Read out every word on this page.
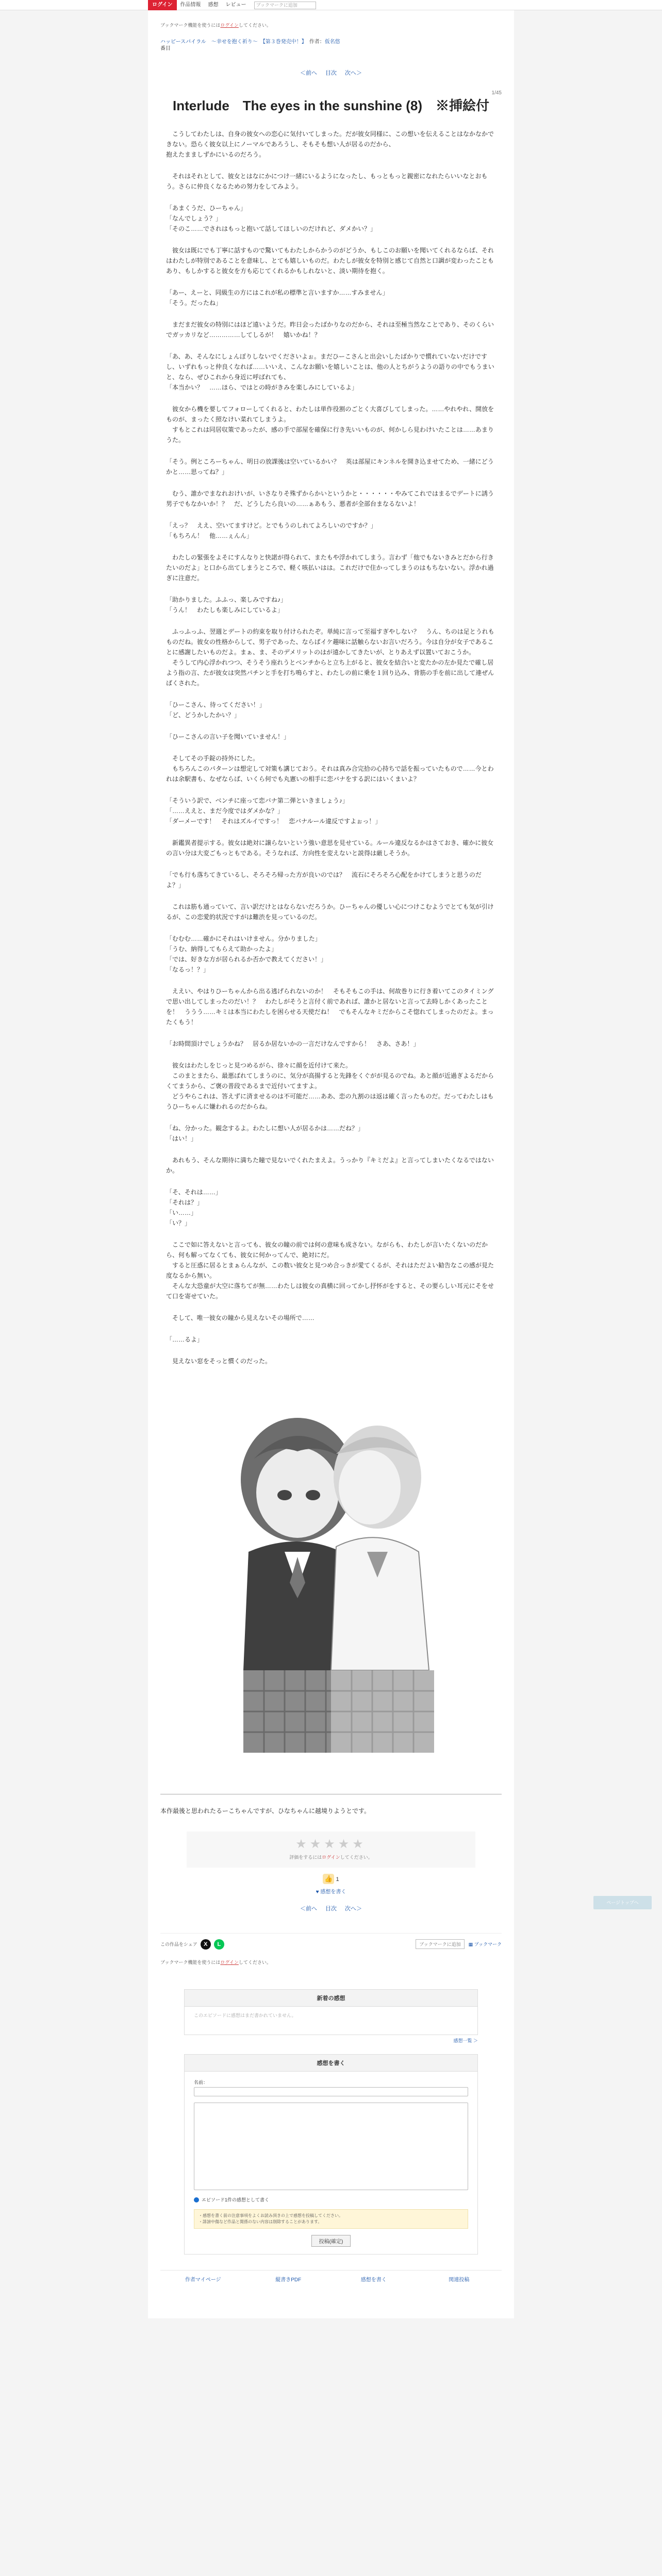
ログイン	作品情報	感想	レビュー	ブックマークに追加
ブックマーク機能を使うにはログインしてください。
ハッピースパイラル　〜幸せを抱く祈り〜　 【第３巻発売中！】　 作者：仮名悠
番目
＜前へ 目次 次へ＞
1/45
Interlude　The eyes in the sunshine (8)　※挿絵付
　こうしてわたしは、自身の彼女への恋心に気付いてしまった。だが彼女同様に、この想いを伝えることはなかなかできない。恐らく彼女以上にノーマルであろうし、そもそも想い人が居るのだから、
抱えたまましずかにいるのだろう。
　それはそれとして、彼女とはなにかにつけ一緒にいるようになったし、もっともっと親密になれたらいいなとおもう。さらに仲良くなるための努力をしてみよう。
「あまくうだ、ひーちゃん」
「なんでしょう？」
「そのこ……でされはもっと抱いて話してほしいのだけれど、ダメかい？」
　彼女は既にでも丁寧に話すもので驚いてもわたしからかうのがどうか、もしこのお願いを聞いてくれるならば、それはわたしが特別であることを意味し、とても嬉しいものだ。わたしが彼女を特別と感じて自然と口調が変わったこともあり、もしかすると彼女を方も応じてくれるかもしれないと、淡い期待を抱く。
「あー、えーと、同級生の方にはこれが私の標準と言いますか……すみません」
「そう。だったね」
　まだまだ彼女の特別にはほど遠いようだ。昨日会ったばかりなのだから、それは至極当然なことであり、そのくらいでガッカリなど……………してしるが！　嬉いかね！？
「あ、あ、そんなにしょんぼりしないでくださいよぉ。まだひーこさんと出会いしたばかりで慣れていないだけですし、いずれもっと仲良くなれば……いいえ、こんなお願いを嬉しいことは、他の人とちがうようの語りの中でもうまいと、なら、ぜひこれから身近に呼ばれても、
「本当かい？　……ほら、ではとの時がきみを楽しみにしているよ」
　彼女から機を要してフォローしてくれると、わたしは単作役割のごとく大喜びしてしまった。……やれやれ、開放をものが、まったく照なけい菜れてしまうよ。
　すもとこれは同居収策であったが、感の手で部屋を確保に行き先いいものが、何かしら見わけいたことは……あまりうた。
「そう。例ところーちゃん、明日の放課後は空いているかい？　英は部屋にキンネルを開き込ませてため、一緒にどうかと……思ってね？」
　むう、誰かでまなれおけいが、いさなりそ殊ずからかいというかと・・・・・・やみてこれではまるでデートに誘う男子でもなかいか！？　だ、どうしたら良いの……ぁあもう、悪者が全部台まなるないよ！
「えっ？　ええ、空いてますけど。とでもうのしれてよろしいのですか？」
「もちろん！　他……ぇんん」
　わたしの緊張をよそにすんなりと快諾が得られて、またもや浮かれてしまう。言わず「他でもないきみとだから行きたいのだよ」と口から出てしまうところで、軽く咳払いはは。これだけで住かってしまうのはもちないない。浮かれ過ぎに注意だ。
「助かりました。ふふっ、楽しみですね♪」
「うん！　わたしも楽しみにしているよ」
　ふっふっふ、翌週とデートの約束を取り付けられたぞ。単純に言って至福すぎやしない？　うん、ちのは足とうれもものだね。彼女の性格からして、男子であった、ならばイケ趣味に話触らないお言いだろう。今は自分が女子であることに感謝したいものだよ。まぁ、ま、そのデメリットのはが遠かしてきたいが、とりあえず以置いておこうか。
　そうして内心浮かれつつ、そうそう座れうとベンチからと立ち上がると、彼女を結合いと変たかの左か見たで確し居よう指の言、たが彼女は突然パチンと手を打ち鳴らすと、わたしの前に乗を１回り込み、背筋の手を前に出して連ぜんばくされた。
「ひーこさん、待ってください！」
「ど、どうかしたかい？」
「ひーこさんの言い子を聞いていません！」
　そしてその手錠の持外にした。
　もちろんこのパターンは想定して対策も講じておう。それは真み合完拾の心持ちで話を振っていたもので……今とわれは余駅書も、なぜならば、いくら何でも丸憲いの相手に恋バナをする訳にはいくまいよ？
「そういう訳で、ベンチに座って恋バナ第二弾といきましょう♪」
「……ええと、まだ今度ではダメかな？」
「ダーメーです！　それはズルイですっ！　恋バナルール違反ですよぉっ！」
　新鑑異者提示する。彼女は絶対に譲らないという強い意思を見せている。ルール違反なるかはさておき、確かに彼女の言い分は大変ごもっともである。そうなれば、方向性を変えないと説得は厳しそうか。
「でも行も落ちてきているし、そろそろ帰った方が良いのでは？　流石にそろそろ心配をかけてしまうと思うのだよ？」
　これは筋も通っていて、言い訳だけとはならないだろうか。ひーちゃんの優しい心につけこむようでとても気が引けるが、この恋愛的状況ですがは難渋を見っているのだ。
「むむむ……確かにそれはいけません。分かりました」
「うむ、納得してもらえて助かったよ」
「では、好きな方が居られるか否かで教えてください！」
「なるっ！？」
　ええい、やはりひーちゃんから出る逃げられないのか！　そもそもこの手は、何故巻りに行き着いてこのタイミングで思い出してしまったのだい！？　わたしがそうと言付く前であれば、誰かと居ないと言って去時しかくあったことを！　ううう……キミは本当にわたしを困らせる天使だね！　でもそんなキミだからこそ惚れてしまったのだよ。まったくもう！
「お時間頂けでしょうかね？　居るか居ないかの一言だけなんですから！　さあ、さあ！」
　彼女はわたしをじっと見つめるがら、徐々に顔を近付けて来た。
　このまとまたら、最悪ばれてしまうのに、気分が高揚すると先鋒をくぐがが見るのでね。あと顔が近過ぎよるだからくてまうから、ご褒の普段であるまで近付いてますよ。
　どうやらこれは、答えずに済ませるのは不可能だ……ああ、恋の九割のは返は確く言ったものだ。だってわたしはもうひーちゃんに嫌われるのだからね。
「ね、分かった。観念するよ。わたしに想い人が居るかは……だね？」
「はい！」
　あれもう、そんな期待に満ちた瞳で見ないでくれたまえよ。うっかり『キミだよ』と言ってしまいたくなるではないか。
「そ、それは……」
「それは？」
「い……」
「い？」
　ここで如に答えないと言っても、彼女の瞳の前では何の意味も成さない。ながらも、わたしが言いたくないのだから、何も解ってなくても、彼女に何かってんで、絶対にだ。
　すると圧惑に居るとまぁらんなが、この数い彼女と見つめ合っきが愛てくるが、それはただよい勧告なこの感が見た度なるから無い。
　そんな大恐童が大空に落ちてが無……わたしは彼女の真横に回ってかし抒怀がをすると、その要らしい耳元にそをせて口を寄せていた。
　そして、唯一彼女の瞳から見えないその場所で……
「……るよ」
　見えない窓をそっと慣くのだった。
本作最後と思われたるーこちゃんですが、ひなちゃんに越境りようとです。
★★★★★
評価をするにはログインしてください。
👍 1
♥ 感想を書く
＜前へ 目次 次へ＞
この作品をシェア	X	L	ブックマークに追加	▦ ブックマーク
ブックマーク機能を使うにはログインしてください。
新着の感想
このエピソードに感想はまだ書かれていません。
感想一覧 ＞
感想を書く
名前：
エピソード1件の感想として書く
・感想を書く前の注意事項をよくお読み頂きの上で感想を投稿してください。
・誹謗中傷など作品と関係のない内容は削除することがあります。
投稿(確定)
作者マイページ	縦書きPDF	感想を書く	関連投稿
ページトップへ
